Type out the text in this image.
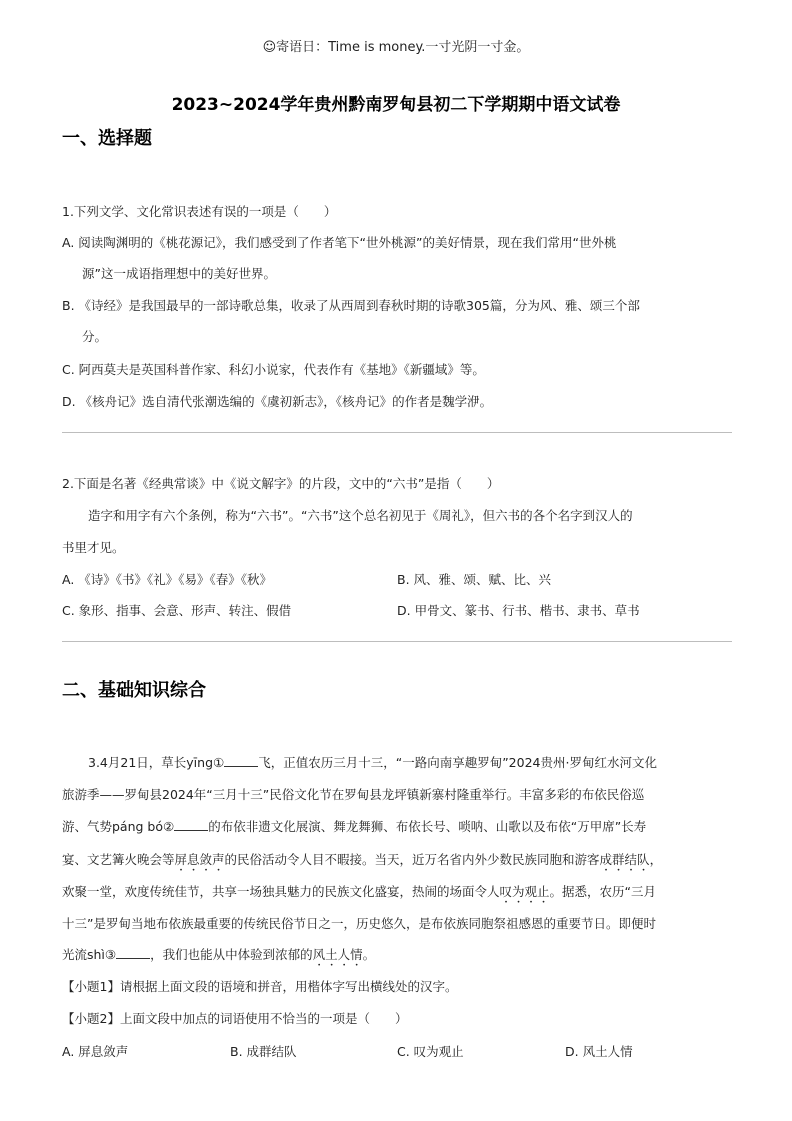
☺寄语日：Time is money.一寸光阴一寸金。
2023~2024学年贵州黔南罗甸县初二下学期期中语文试卷
一、选择题
1.下列文学、文化常识表述有误的一项是（　　）
A. 阅读陶渊明的《桃花源记》，我们感受到了作者笔下“世外桃源”的美好情景，现在我们常用“世外桃
源”这一成语指理想中的美好世界。
B. 《诗经》是我国最早的一部诗歌总集，收录了从西周到春秋时期的诗歌305篇，分为风、雅、颂三个部
分。
C. 阿西莫夫是英国科普作家、科幻小说家，代表作有《基地》《新疆域》等。
D. 《核舟记》选自清代张潮选编的《虞初新志》，《核舟记》的作者是魏学洢。
2.下面是名著《经典常谈》中《说文解字》的片段，文中的“六书”是指（　　）
造字和用字有六个条例，称为“六书”。“六书”这个总名初见于《周礼》，但六书的各个名字到汉人的
书里才见。
A. 《诗》《书》《礼》《易》《春》《秋》	B. 风、雅、颂、赋、比、兴
C. 象形、指事、会意、形声、转注、假借	D. 甲骨文、篆书、行书、楷书、隶书、草书
二、基础知识综合
3.4月21日，草长yīng①	飞，正值农历三月十三，“一路向南享趣罗甸”2024贵州·罗甸红水河文化
旅游季——罗甸县2024年“三月十三”民俗文化节在罗甸县龙坪镇新寨村隆重举行。丰富多彩的布依民俗巡
游、气势páng bó②	的布依非遗文化展演、舞龙舞狮、布依长号、唢呐、山歌以及布依“万甲席”长寿
宴、文艺篝火晚会等屏息敛声的民俗活动令人目不暇接。当天，近万名省内外少数民族同胞和游客成群结队，
欢聚一堂，欢度传统佳节，共享一场独具魅力的民族文化盛宴，热闹的场面令人叹为观止。据悉，农历“三月
十三”是罗甸当地布依族最重要的传统民俗节日之一，历史悠久，是布依族同胞祭祖感恩的重要节日。即便时
光流shì③	，我们也能从中体验到浓郁的风土人情。
【小题1】请根据上面文段的语境和拼音，用楷体字写出横线处的汉字。
【小题2】上面文段中加点的词语使用不恰当的一项是（　　）
A. 屏息敛声	B. 成群结队	C. 叹为观止	D. 风土人情
